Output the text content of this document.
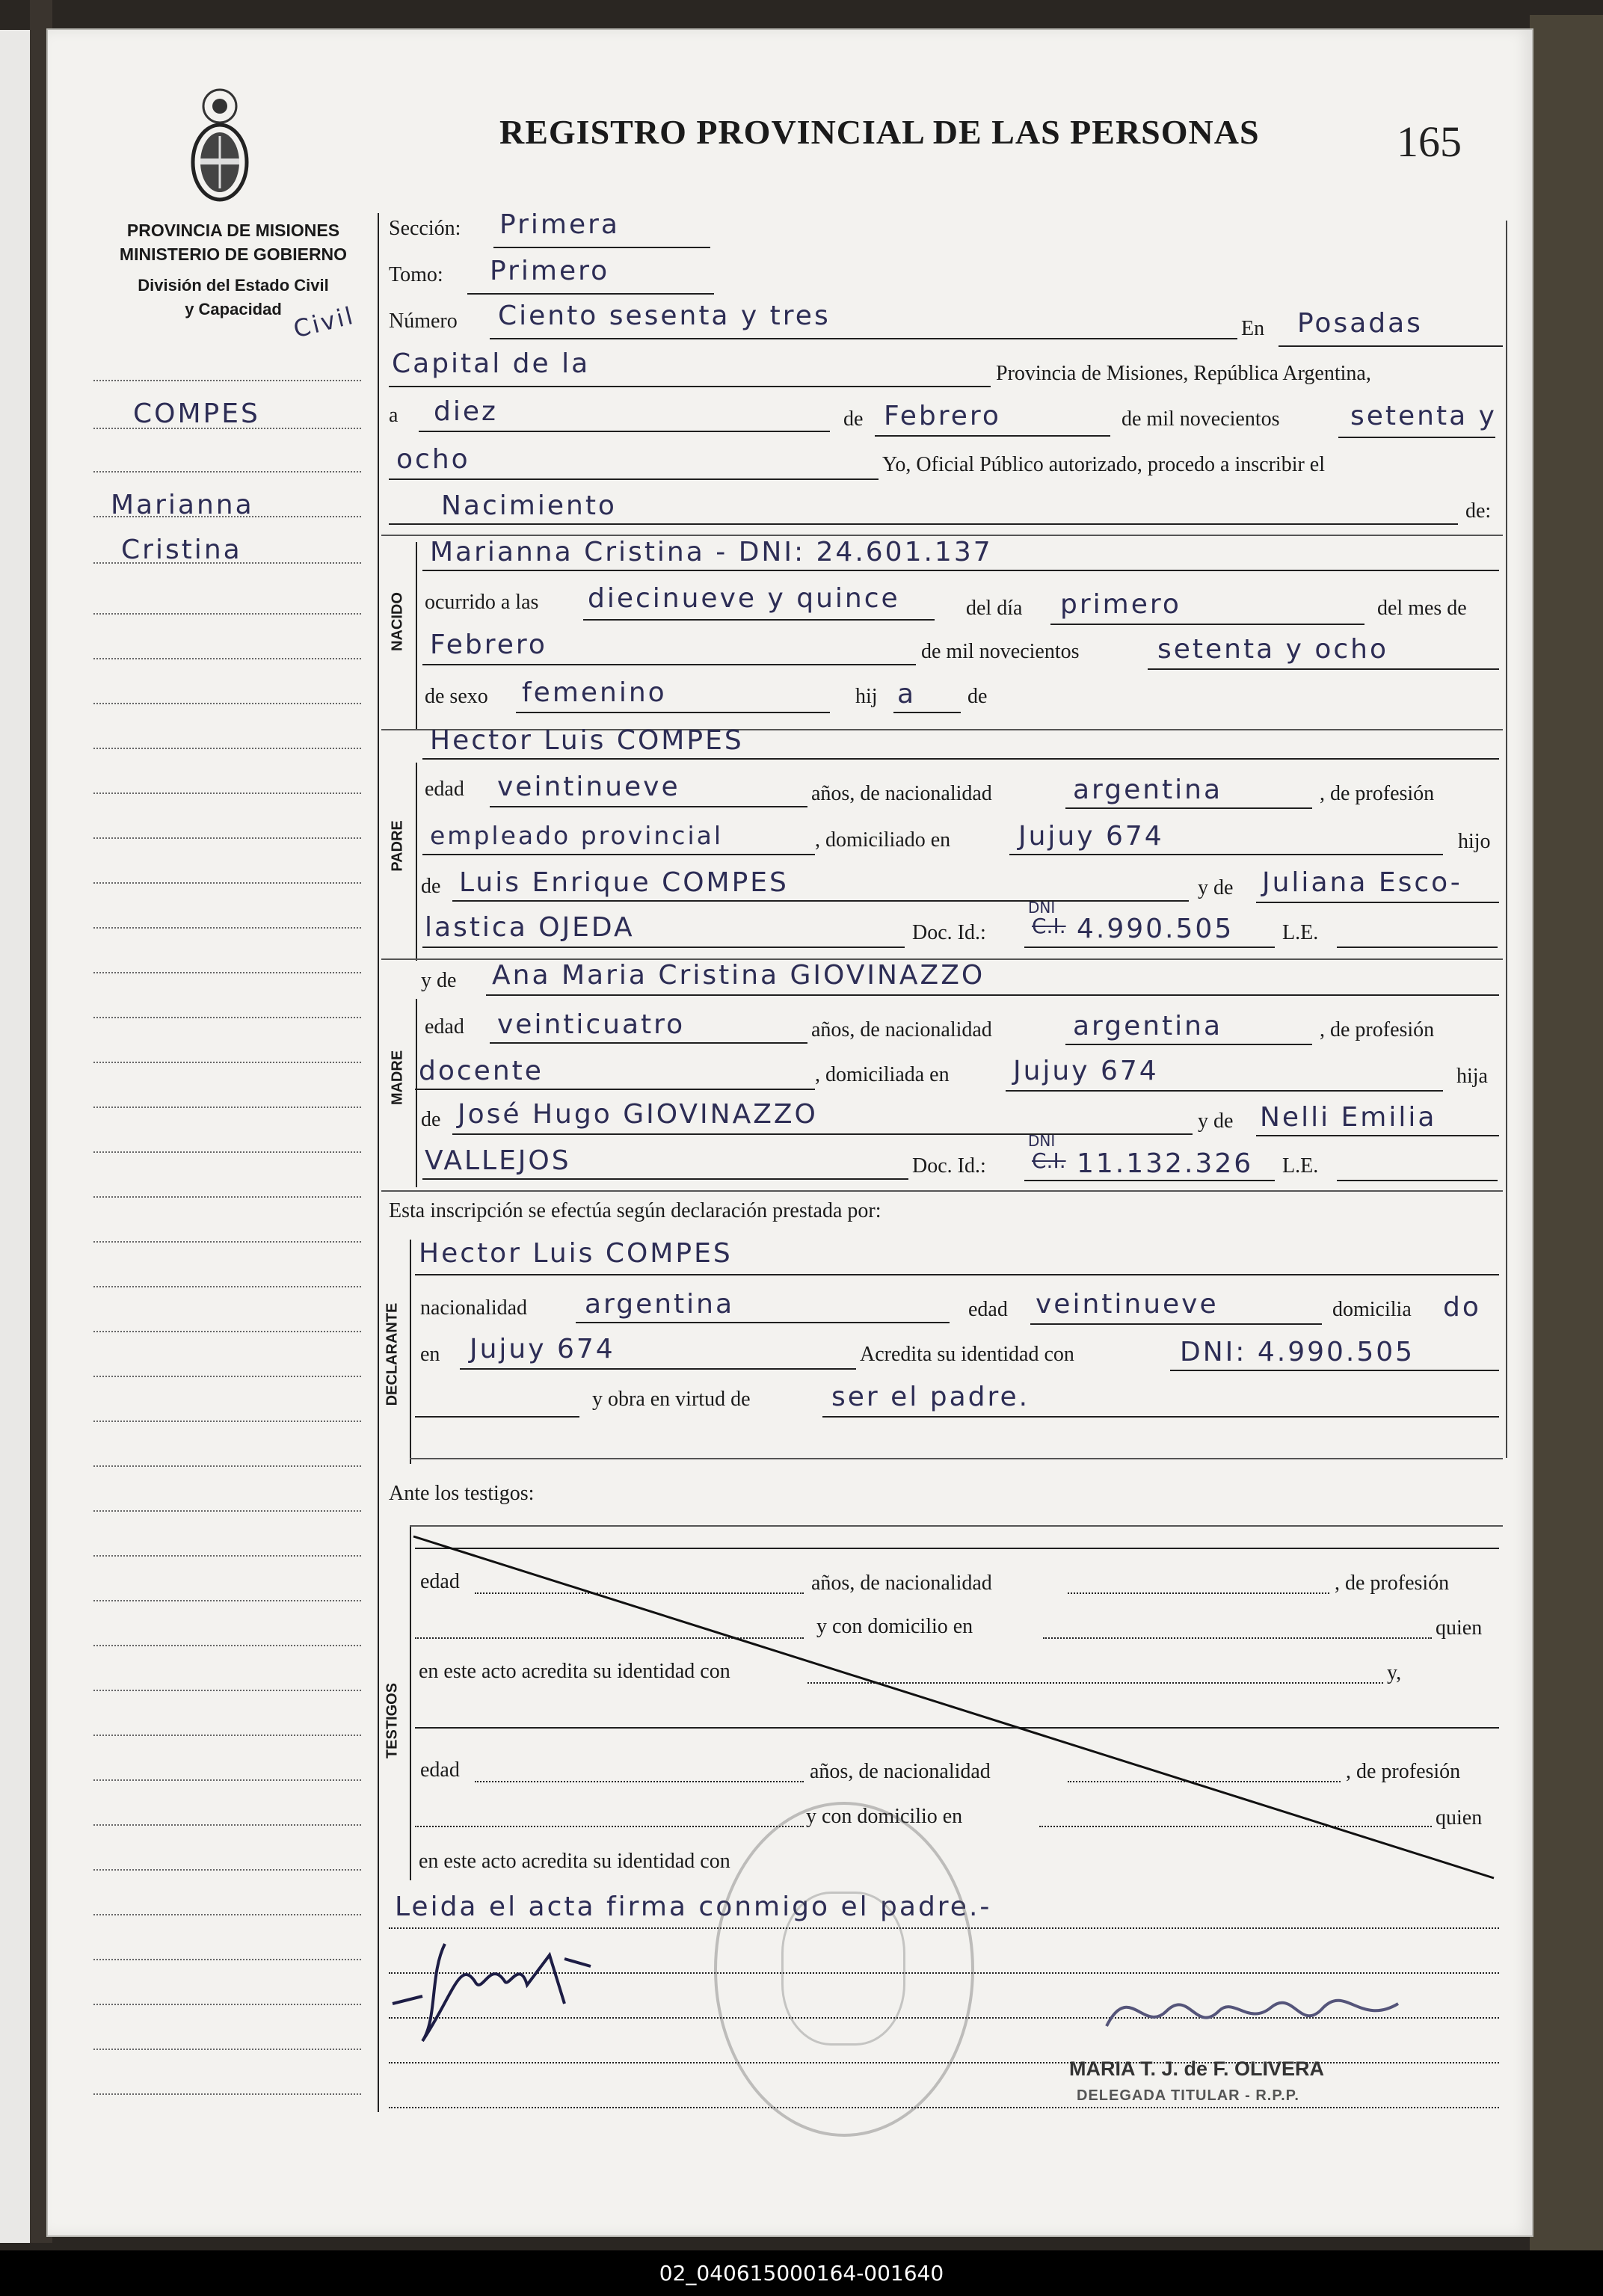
REGISTRO PROVINCIAL DE LAS PERSONAS	165
PROVINCIA DE MISIONES
MINISTERIO DE GOBIERNO
División del Estado Civil
y Capacidad Civil
COMPES
Marianna
Cristina
Sección: Primera
Tomo: Primero
Número Ciento sesenta y tres	En Posadas
Capital de la	Provincia de Misiones, República Argentina,
a diez	de Febrero	de mil novecientos	setenta y
ocho	Yo, Oficial Público autorizado, procedo a inscribir el
Nacimiento	de:
NACIDO
Marianna Cristina - DNI: 24.601.137
ocurrido a las diecinueve y quince	del día primero	del mes de
Febrero	de mil novecientos	setenta y ocho
de sexo femenino	hij a de
Hector Luis COMPES
PADRE
edad veintinueve	años, de nacionalidad	argentina	, de profesión
empleado provincial	, domiciliado en	Jujuy 674	hijo
de Luis Enrique COMPES	y de Juliana Esco-
lastica OJEDA	Doc. Id.:
DNI
C.I. 4.990.505 L.E.
y de Ana Maria Cristina GIOVINAZZO
MADRE
edad veinticuatro	años, de nacionalidad	argentina	, de profesión
docente	, domiciliada en Jujuy 674	hija
de José Hugo GIOVINAZZO	y de Nelli Emilia
VALLEJOS	Doc. Id.:
DNI
C.I. 11.132.326 L.E.
Esta inscripción se efectúa según declaración prestada por:
Hector Luis COMPES
DECLARANTE nacionalidad argentina	edad veintinueve	domicilia do
en Jujuy 674	Acredita su identidad con	DNI: 4.990.505
y obra en virtud de	ser el padre.
Ante los testigos:
TESTIGOS
edad	años, de nacionalidad	, de profesión
y con domicilio en	quien
en este acto acredita su identidad con	y,
edad	años, de nacionalidad	, de profesión
y con domicilio en	quien
en este acto acredita su identidad con
Leida el acta firma conmigo el padre.-
MARIA T. J. de F. OLIVERA
DELEGADA TITULAR - R.P.P.
02_040615000164-001640
